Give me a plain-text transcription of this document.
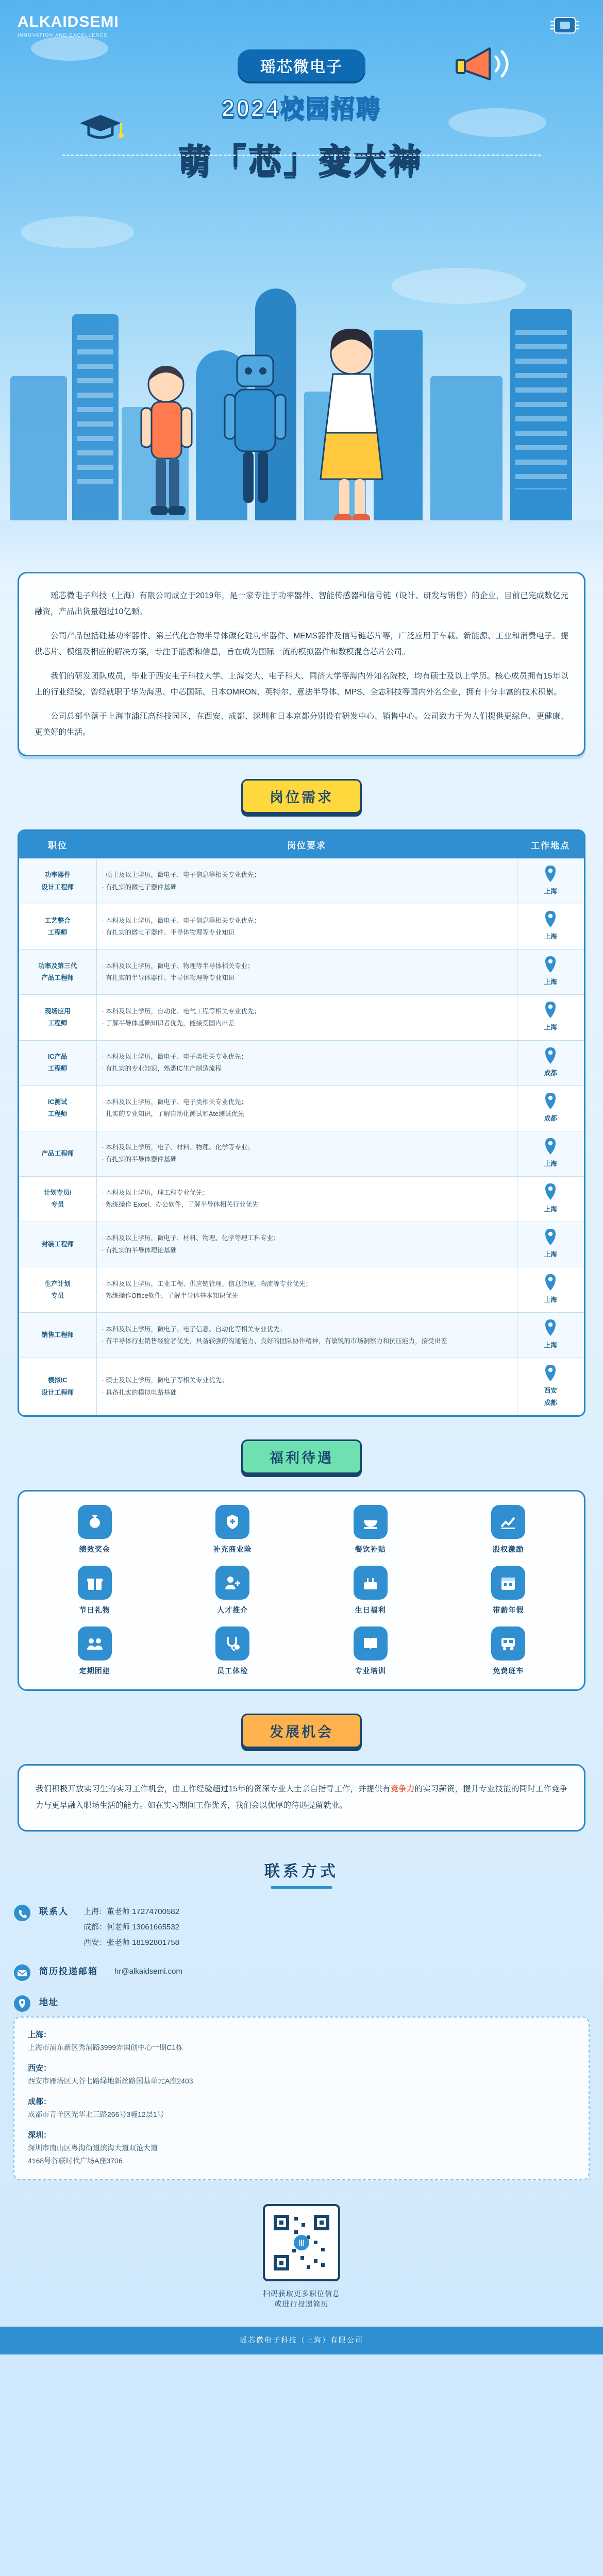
ALKAIDSEMI
INNOVATION AND EXCELLENCE
瑶芯微电子
2024校园招聘
萌「芯」变大神

瑶芯微电子科技（上海）有限公司成立于2019年，是一家专注于功率器件、智能传感器和信号链（设计、研发与销售）的企业，目前已完成数亿元融资，产品出货量超过10亿颗。

公司产品包括硅基功率器件、第三代化合物半导体碳化硅功率器件、MEMS器件及信号链芯片等，广泛应用于车载、新能源、工业和消费电子。提供芯片、模组及相应的解决方案，专注于能源和信息，旨在成为国际一流的模拟器件和数模混合芯片公司。

我们的研发团队成员，毕业于西安电子科技大学、上海交大、电子科大、同济大学等海内外知名院校，均有硕士及以上学历。核心成员拥有15年以上的行业经验，曾经就职于华为海思、中芯国际、日本OMRON、英特尔、意法半导体、MPS、全志科技等国内外名企业，拥有十分丰富的技术积累。

公司总部坐落于上海市浦江高科技园区，在西安、成都、深圳和日本京都分别设有研发中心、销售中心。公司致力于为人们提供更绿色、更健康、更美好的生活。

岗位需求
职位	岗位要求	工作地点
功率器件
设计工程师	· 硕士及以上学历，微电子、电子信息等相关专业优先；
· 有扎实的微电子器件基础	上海

工艺整合
工程师	· 本科及以上学历，微电子、电子信息等相关专业优先；
· 有扎实的微电子器件、半导体物理等专业知识	上海

功率及第三代
产品工程师	· 本科及以上学历，微电子、物理等半导体相关专业；
· 有扎实的半导体器件、半导体物理等专业知识	上海

现场应用
工程师	· 本科及以上学历，自动化、电气工程等相关专业优先；
· 了解半导体基础知识者优先，能接受国内出差	上海

IC产品
工程师	· 本科及以上学历，微电子、电子类相关专业优先；
· 有扎实的专业知识，熟悉IC生产制造流程	成都

IC测试
工程师	· 本科及以上学历，微电子、电子类相关专业优先；
· 扎实的专业知识，了解自动化测试和Ate测试优先	成都

产品工程师	· 本科及以上学历，电子、材料、物理、化学等专业；
· 有扎实的半导体器件基础	上海

计划专员/
专员	· 本科及以上学历，理工科专业优先；
· 熟练操作 Excel、办公软件，了解半导体相关行业优先	上海

封装工程师	· 本科及以上学历，微电子、材料、物理、化学等理工科专业；
· 有扎实的半导体理论基础	上海

生产计划
专员	· 本科及以上学历，工业工程、供应链管理、信息管理、物流等专业优先；
· 熟练操作Office软件，了解半导体基本知识优先	上海

销售工程师	· 本科及以上学历，微电子、电子信息、自动化等相关专业优先；
· 有半导体行业销售经验者优先，具备较强的沟通能力、良好的团队协作精神，有敏锐的市场洞察力和抗压能力，接受出差	上海

模拟IC
设计工程师	· 硕士及以上学历，微电子等相关专业优先；
· 具备扎实的模拟电路基础	西安
成都
福利待遇
绩效奖金	补充商业险	餐饮补贴	股权激励
节日礼物	人才推介	生日福利	带薪年假
定期团建	员工体检	专业培训	免费班车
发展机会
我们积极开放实习生的实习工作机会，由工作经验超过15年的资深专业人士亲自指导工作，并提供有竞争力的实习薪资，提升专业技能的同时工作竞争力与更早融入职场生活的能力。如在实习期间工作优秀，我们会以优厚的待遇提留就业。
联系方式
联系人	上海：董老师 17274700582
成都：何老师 13061665532
西安：张老师 18192801758
简历投递邮箱 hr@alkaidsemi.com
地址
上海：
上海市浦东新区秀浦路3999弄国创中心一期C1栋
西安：
西安市雁塔区天谷七路绿地新丝路国基单元A座2403
成都：
成都市青羊区光华北三路266号3幢12层1号
深圳：
深圳市南山区粤海街道滨海大道双沧大道
4168号谷联时代广场A座3706
Ⅲ
扫码获取更多职位信息
或进行投递简历
瑶芯微电子科技（上海）有限公司
